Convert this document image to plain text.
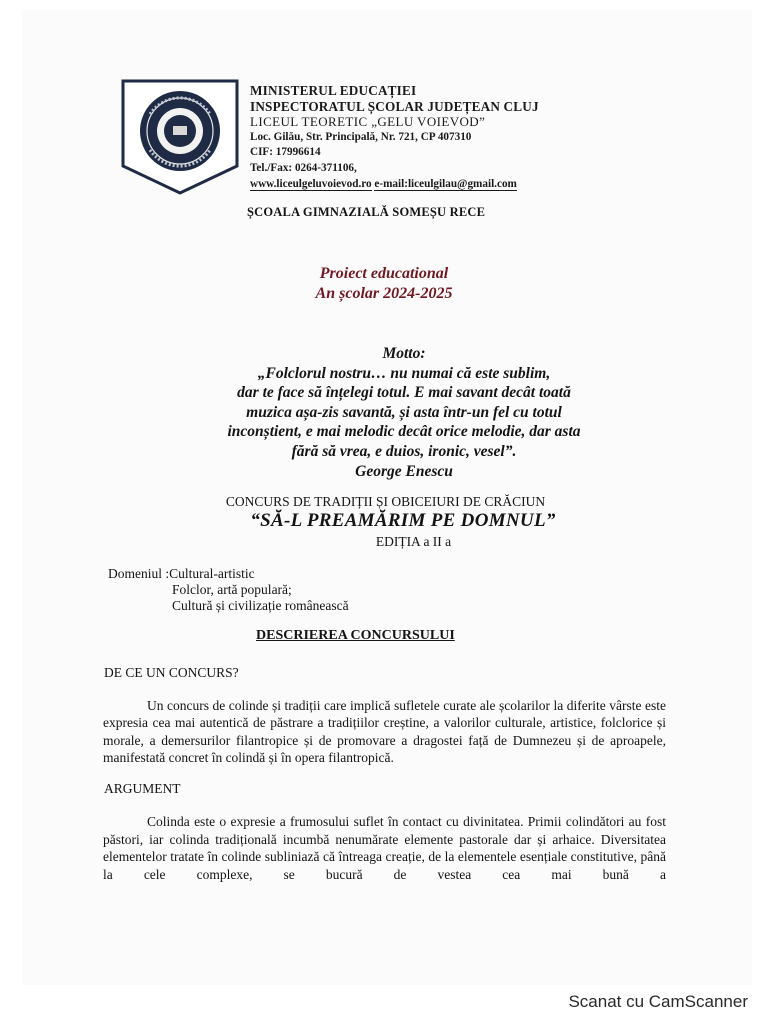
MINISTERUL EDUCAȚIEI
INSPECTORATUL ȘCOLAR JUDEȚEAN CLUJ
LICEUL TEORETIC „GELU VOIEVOD”
Loc. Gilău, Str. Principală, Nr. 721, CP 407310
CIF: 17996614
Tel./Fax: 0264-371106,
www.liceulgeluvoievod.ro e-mail:liceulgilau@gmail.com
ȘCOALA GIMNAZIALĂ SOMEȘU RECE
Proiect educational
An școlar 2024-2025
Motto:
„Folclorul nostru… nu numai că este sublim,
dar te face să înțelegi totul. E mai savant decât toată
muzica așa-zis savantă, și asta într-un fel cu totul
inconștient, e mai melodic decât orice melodie, dar asta
fără să vrea, e duios, ironic, vesel”.
George Enescu
CONCURS DE TRADIȚII ȘI OBICEIURI DE CRĂCIUN
“SĂ-L PREAMĂRIM PE DOMNUL”
EDIȚIA a II a
Domeniul :Cultural-artistic
Folclor, artă populară;
Cultură și civilizație românească
DESCRIEREA CONCURSULUI
DE CE UN CONCURS?
Un concurs de colinde și tradiții care implică sufletele curate ale școlarilor la diferite vârste este expresia cea mai autentică de păstrare a tradițiilor creștine, a valorilor culturale, artistice, folclorice și morale, a demersurilor filantropice și de promovare a dragostei față de Dumnezeu și de aproapele, manifestată concret în colindă și în opera filantropică.
ARGUMENT
Colinda este o expresie a frumosului suflet în contact cu divinitatea. Primii colindători au fost păstori, iar colinda tradițională incumbă nenumărate elemente pastorale dar și arhaice. Diversitatea elementelor tratate în colinde subliniază că întreaga creație, de la elementele esențiale constitutive, până la cele complexe, se bucură de vestea cea mai bună a
Scanat cu CamScanner
